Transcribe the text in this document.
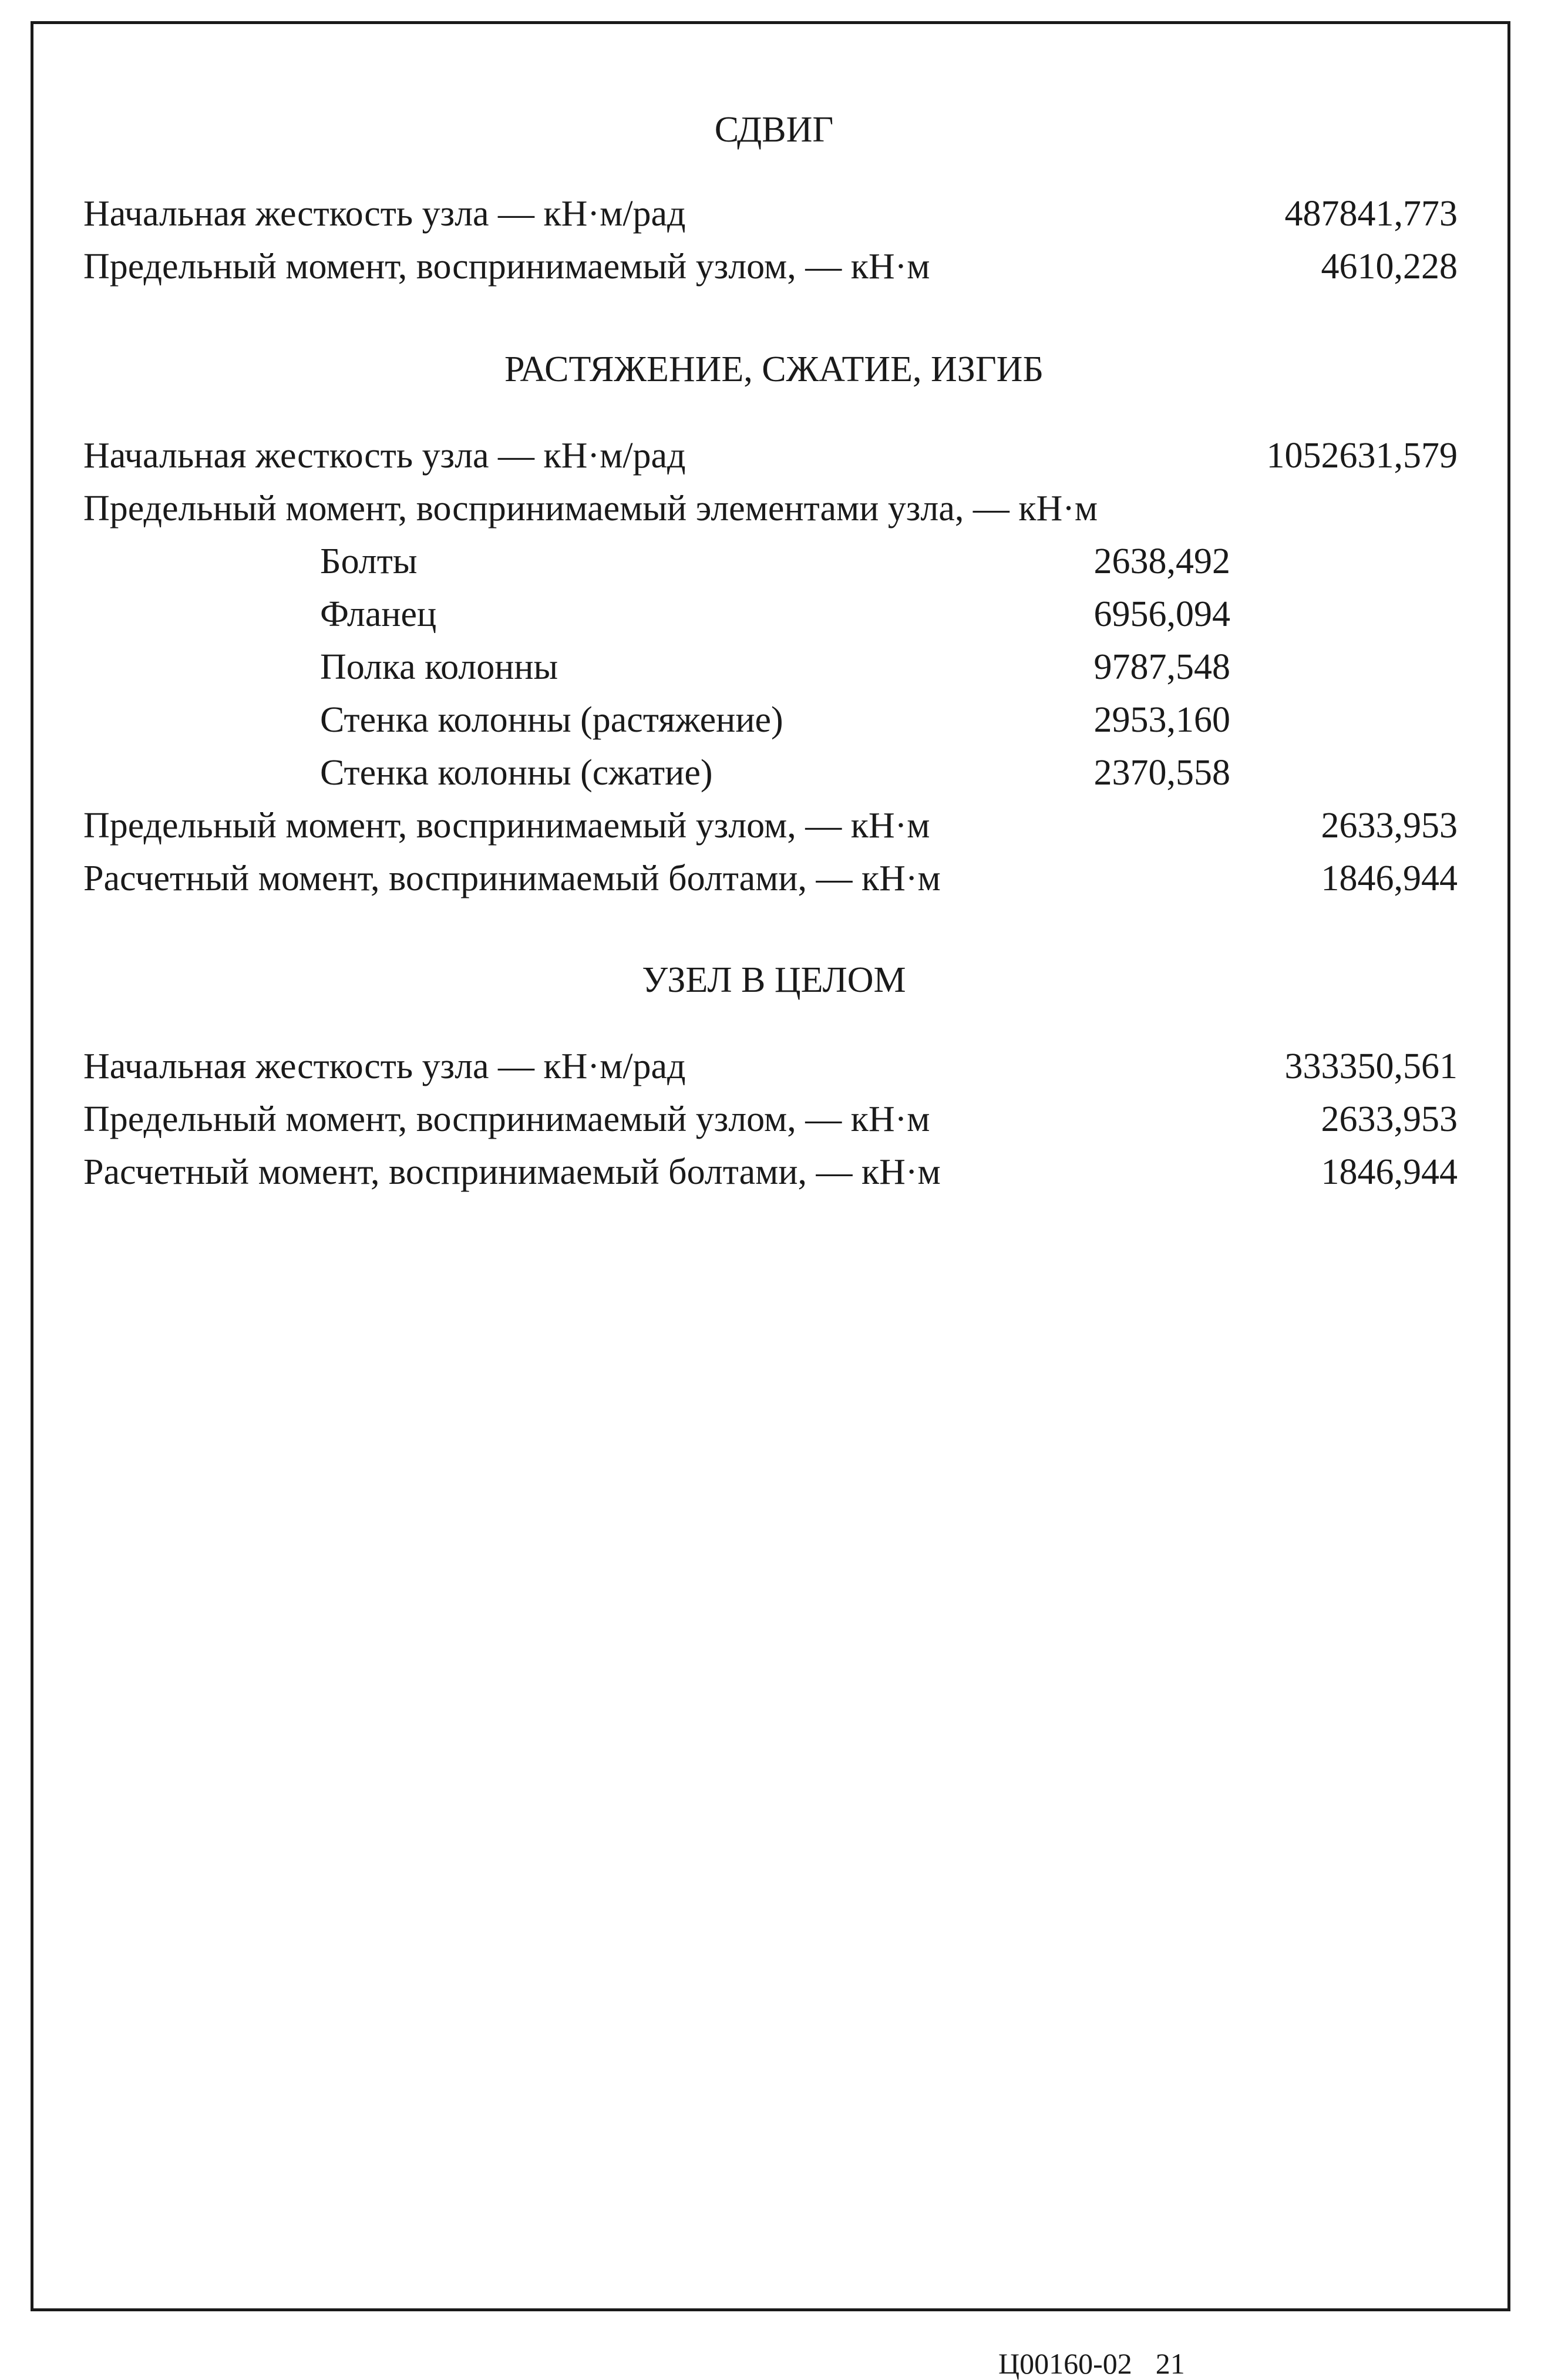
СДВИГ
Начальная жесткость узла — кН·м/рад	487841,773
Предельный момент, воспринимаемый узлом, — кН·м	4610,228
РАСТЯЖЕНИЕ, СЖАТИЕ, ИЗГИБ
Начальная жесткость узла — кН·м/рад	1052631,579
Предельный момент, воспринимаемый элементами узла, — кН·м
Болты	2638,492
Фланец	6956,094
Полка колонны	9787,548
Стенка колонны (растяжение)	2953,160
Стенка колонны (сжатие)	2370,558
Предельный момент, воспринимаемый узлом, — кН·м	2633,953
Расчетный момент, воспринимаемый болтами, — кН·м	1846,944
УЗЕЛ В ЦЕЛОМ
Начальная жесткость узла — кН·м/рад	333350,561
Предельный момент, воспринимаемый узлом, — кН·м	2633,953
Расчетный момент, воспринимаемый болтами, — кН·м	1846,944
Ц00160-02 21
